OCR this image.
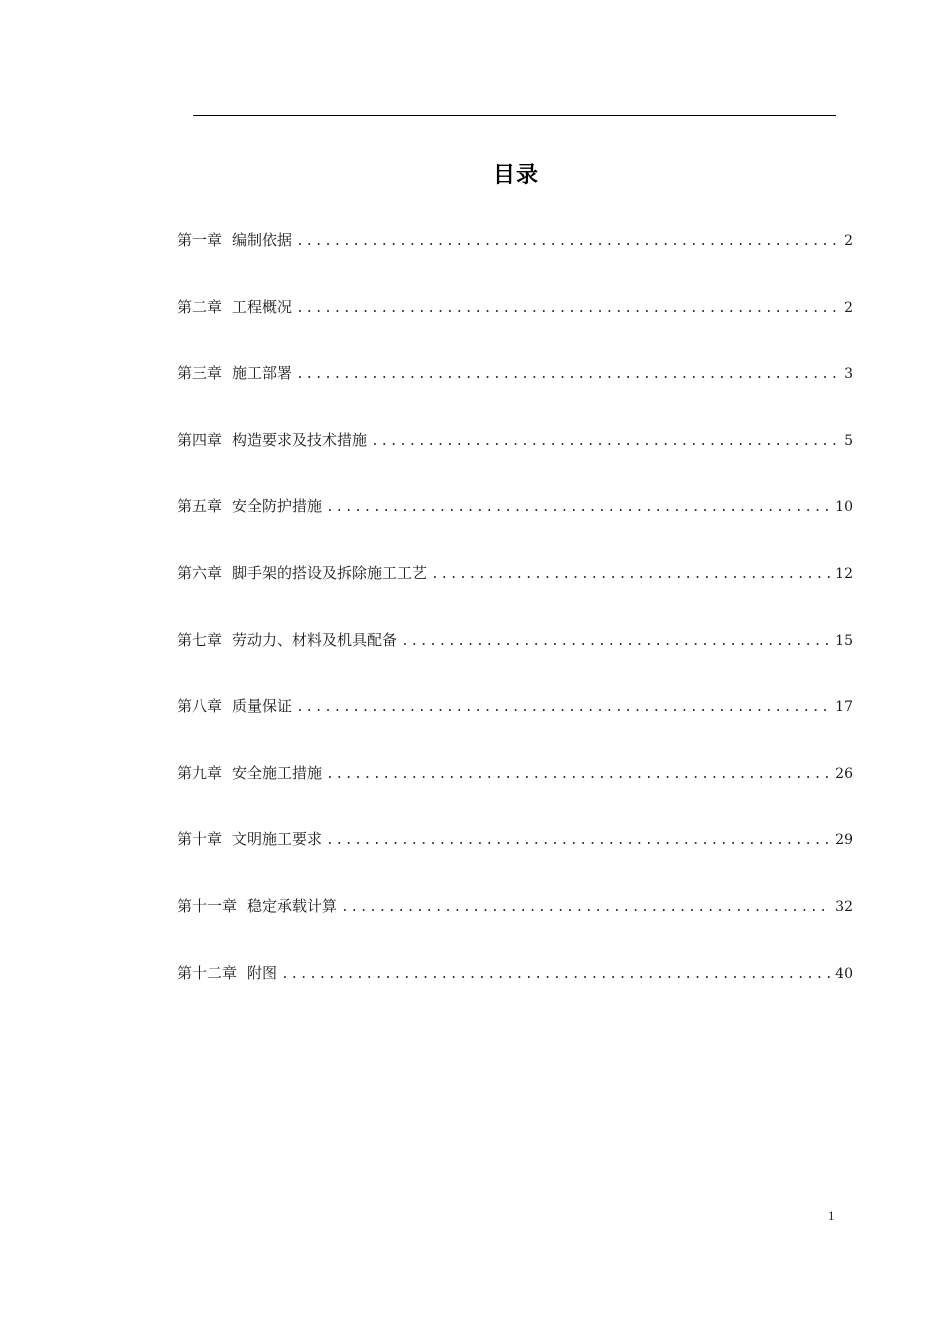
目录
第一章 编制依据 .....	2
第二章 工程概况 .....	2
第三章 施工部署 .....	3
第四章 构造要求及技术措施 .....	5
第五章 安全防护措施 .....	10
第六章 脚手架的搭设及拆除施工工艺 .....	12
第七章 劳动力、材料及机具配备 .....	15
第八章 质量保证 .....	17
第九章 安全施工措施 .....	26
第十章 文明施工要求 .....	29
第十一章 稳定承载计算 .....	32
第十二章 附图 .....	40
1
